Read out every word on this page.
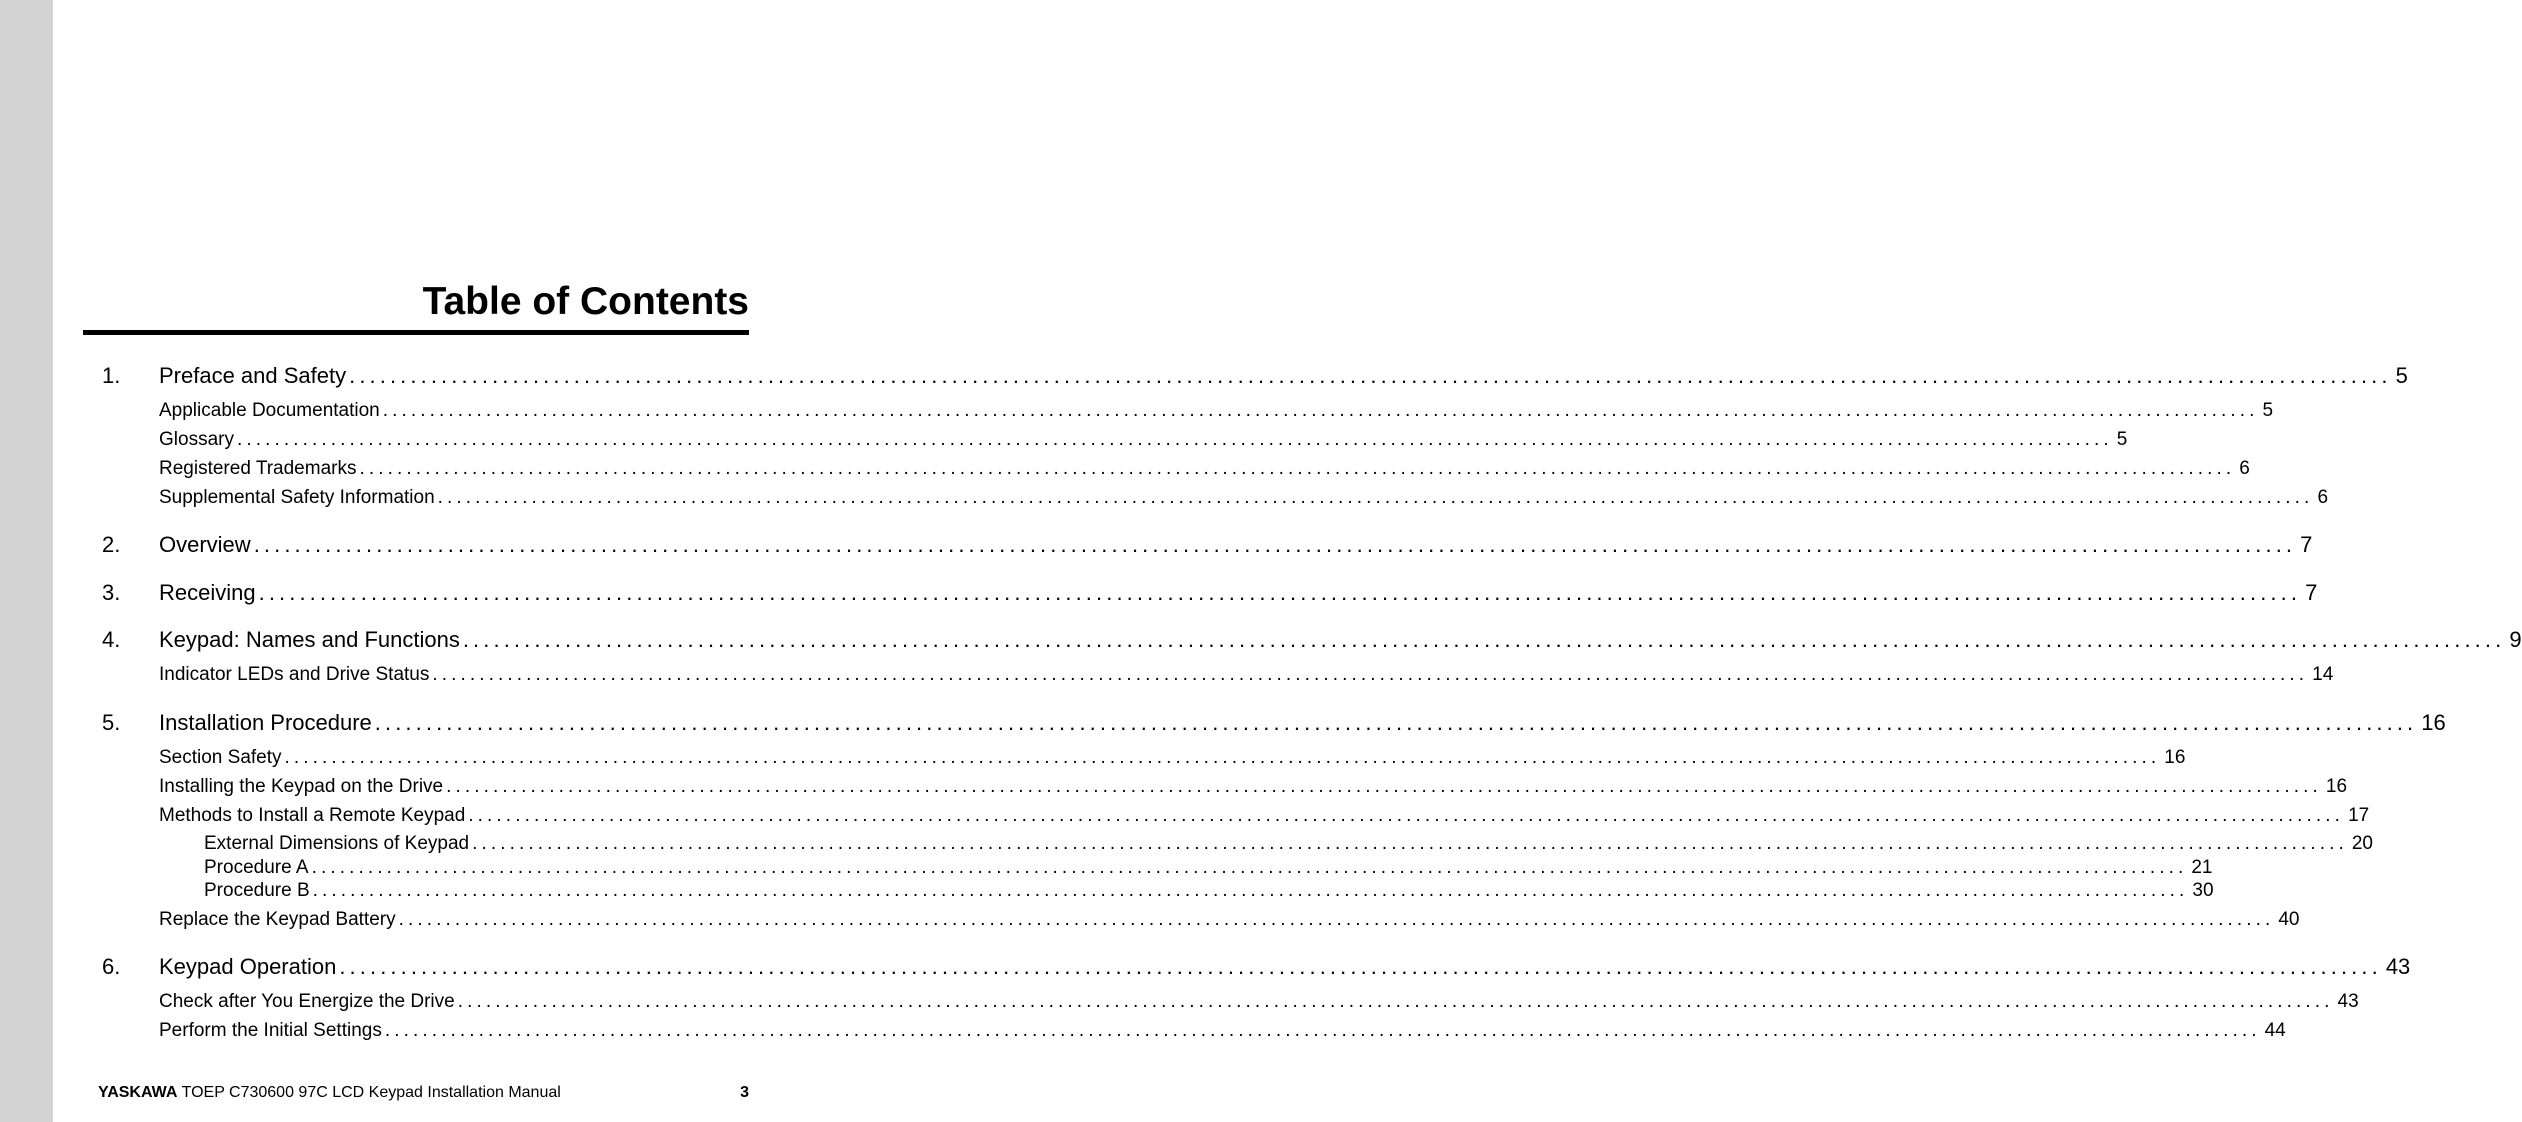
Table of Contents
1.	Preface and Safety ........................................................................................................................................................................................................ 5
Applicable Documentation ........................................................................................................................................................................................................ 5
Glossary ........................................................................................................................................................................................................ 5
Registered Trademarks ........................................................................................................................................................................................................ 6
Supplemental Safety Information ........................................................................................................................................................................................................ 6
2.	Overview ........................................................................................................................................................................................................ 7
3.	Receiving ........................................................................................................................................................................................................ 7
4.	Keypad: Names and Functions ........................................................................................................................................................................................................ 9
Indicator LEDs and Drive Status ........................................................................................................................................................................................................ 14
5.	Installation Procedure ........................................................................................................................................................................................................ 16
Section Safety ........................................................................................................................................................................................................ 16
Installing the Keypad on the Drive ........................................................................................................................................................................................................ 16
Methods to Install a Remote Keypad ........................................................................................................................................................................................................ 17
External Dimensions of Keypad ........................................................................................................................................................................................................ 20
Procedure A ........................................................................................................................................................................................................ 21
Procedure B ........................................................................................................................................................................................................ 30
Replace the Keypad Battery ........................................................................................................................................................................................................ 40
6.	Keypad Operation ........................................................................................................................................................................................................ 43
Check after You Energize the Drive ........................................................................................................................................................................................................ 43
Perform the Initial Settings ........................................................................................................................................................................................................ 44
YASKAWA TOEP C730600 97C LCD Keypad Installation Manual	3
